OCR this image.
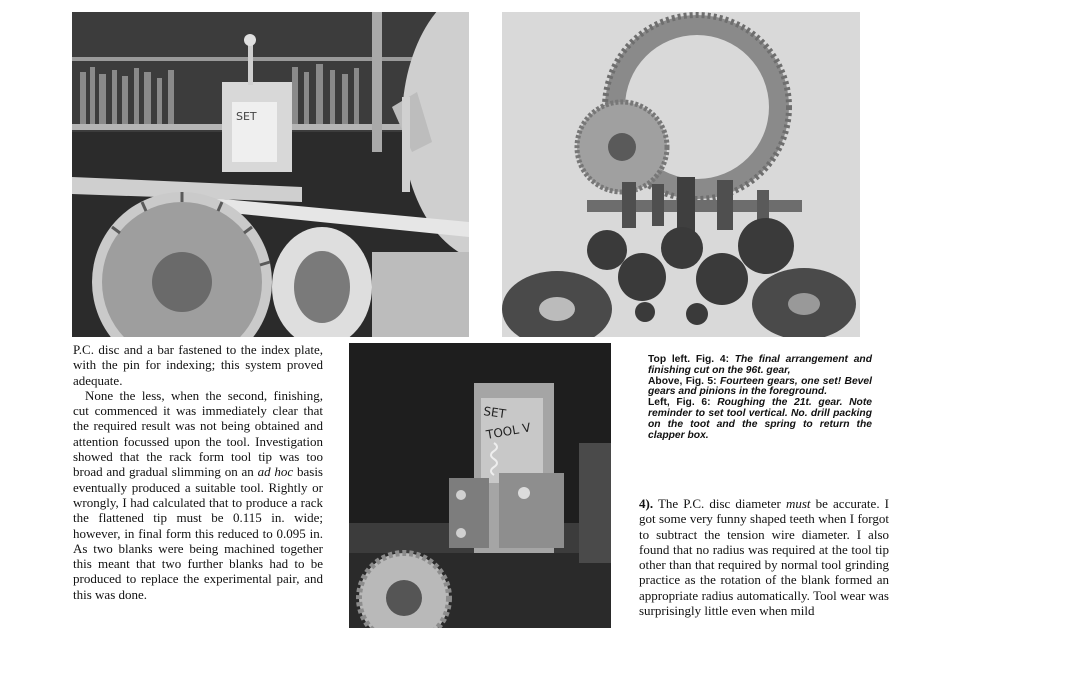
SET
SET
TOOL V

P.C. disc and a bar fastened to the index plate, with the pin for indexing; this system proved adequate.

None the less, when the second, finishing, cut commenced it was immediately clear that the required result was not being obtained and attention focussed upon the tool. Investigation showed that the rack form tool tip was too broad and gradual slimming on an ad hoc basis eventually produced a suitable tool. Rightly or wrongly, I had calculated that to produce a rack the flattened tip must be 0.115 in. wide; however, in final form this reduced to 0.095 in. As two blanks were being machined together this meant that two further blanks had to be produced to replace the experimental pair, and this was done.

Top left. Fig. 4: The final arrangement and finishing cut on the 96t. gear,

Above, Fig. 5: Fourteen gears, one set! Bevel gears and pinions in the foreground.

Left, Fig. 6: Roughing the 21t. gear. Note reminder to set tool vertical. No. drill packing on the toot and the spring to return the clapper box.

4). The P.C. disc diameter must be accurate. I got some very funny shaped teeth when I forgot to subtract the tension wire diameter. I also found that no radius was required at the tool tip other than that required by normal tool grinding practice as the rotation of the blank formed an appropriate radius automatically. Tool wear was surprisingly little even when mild
